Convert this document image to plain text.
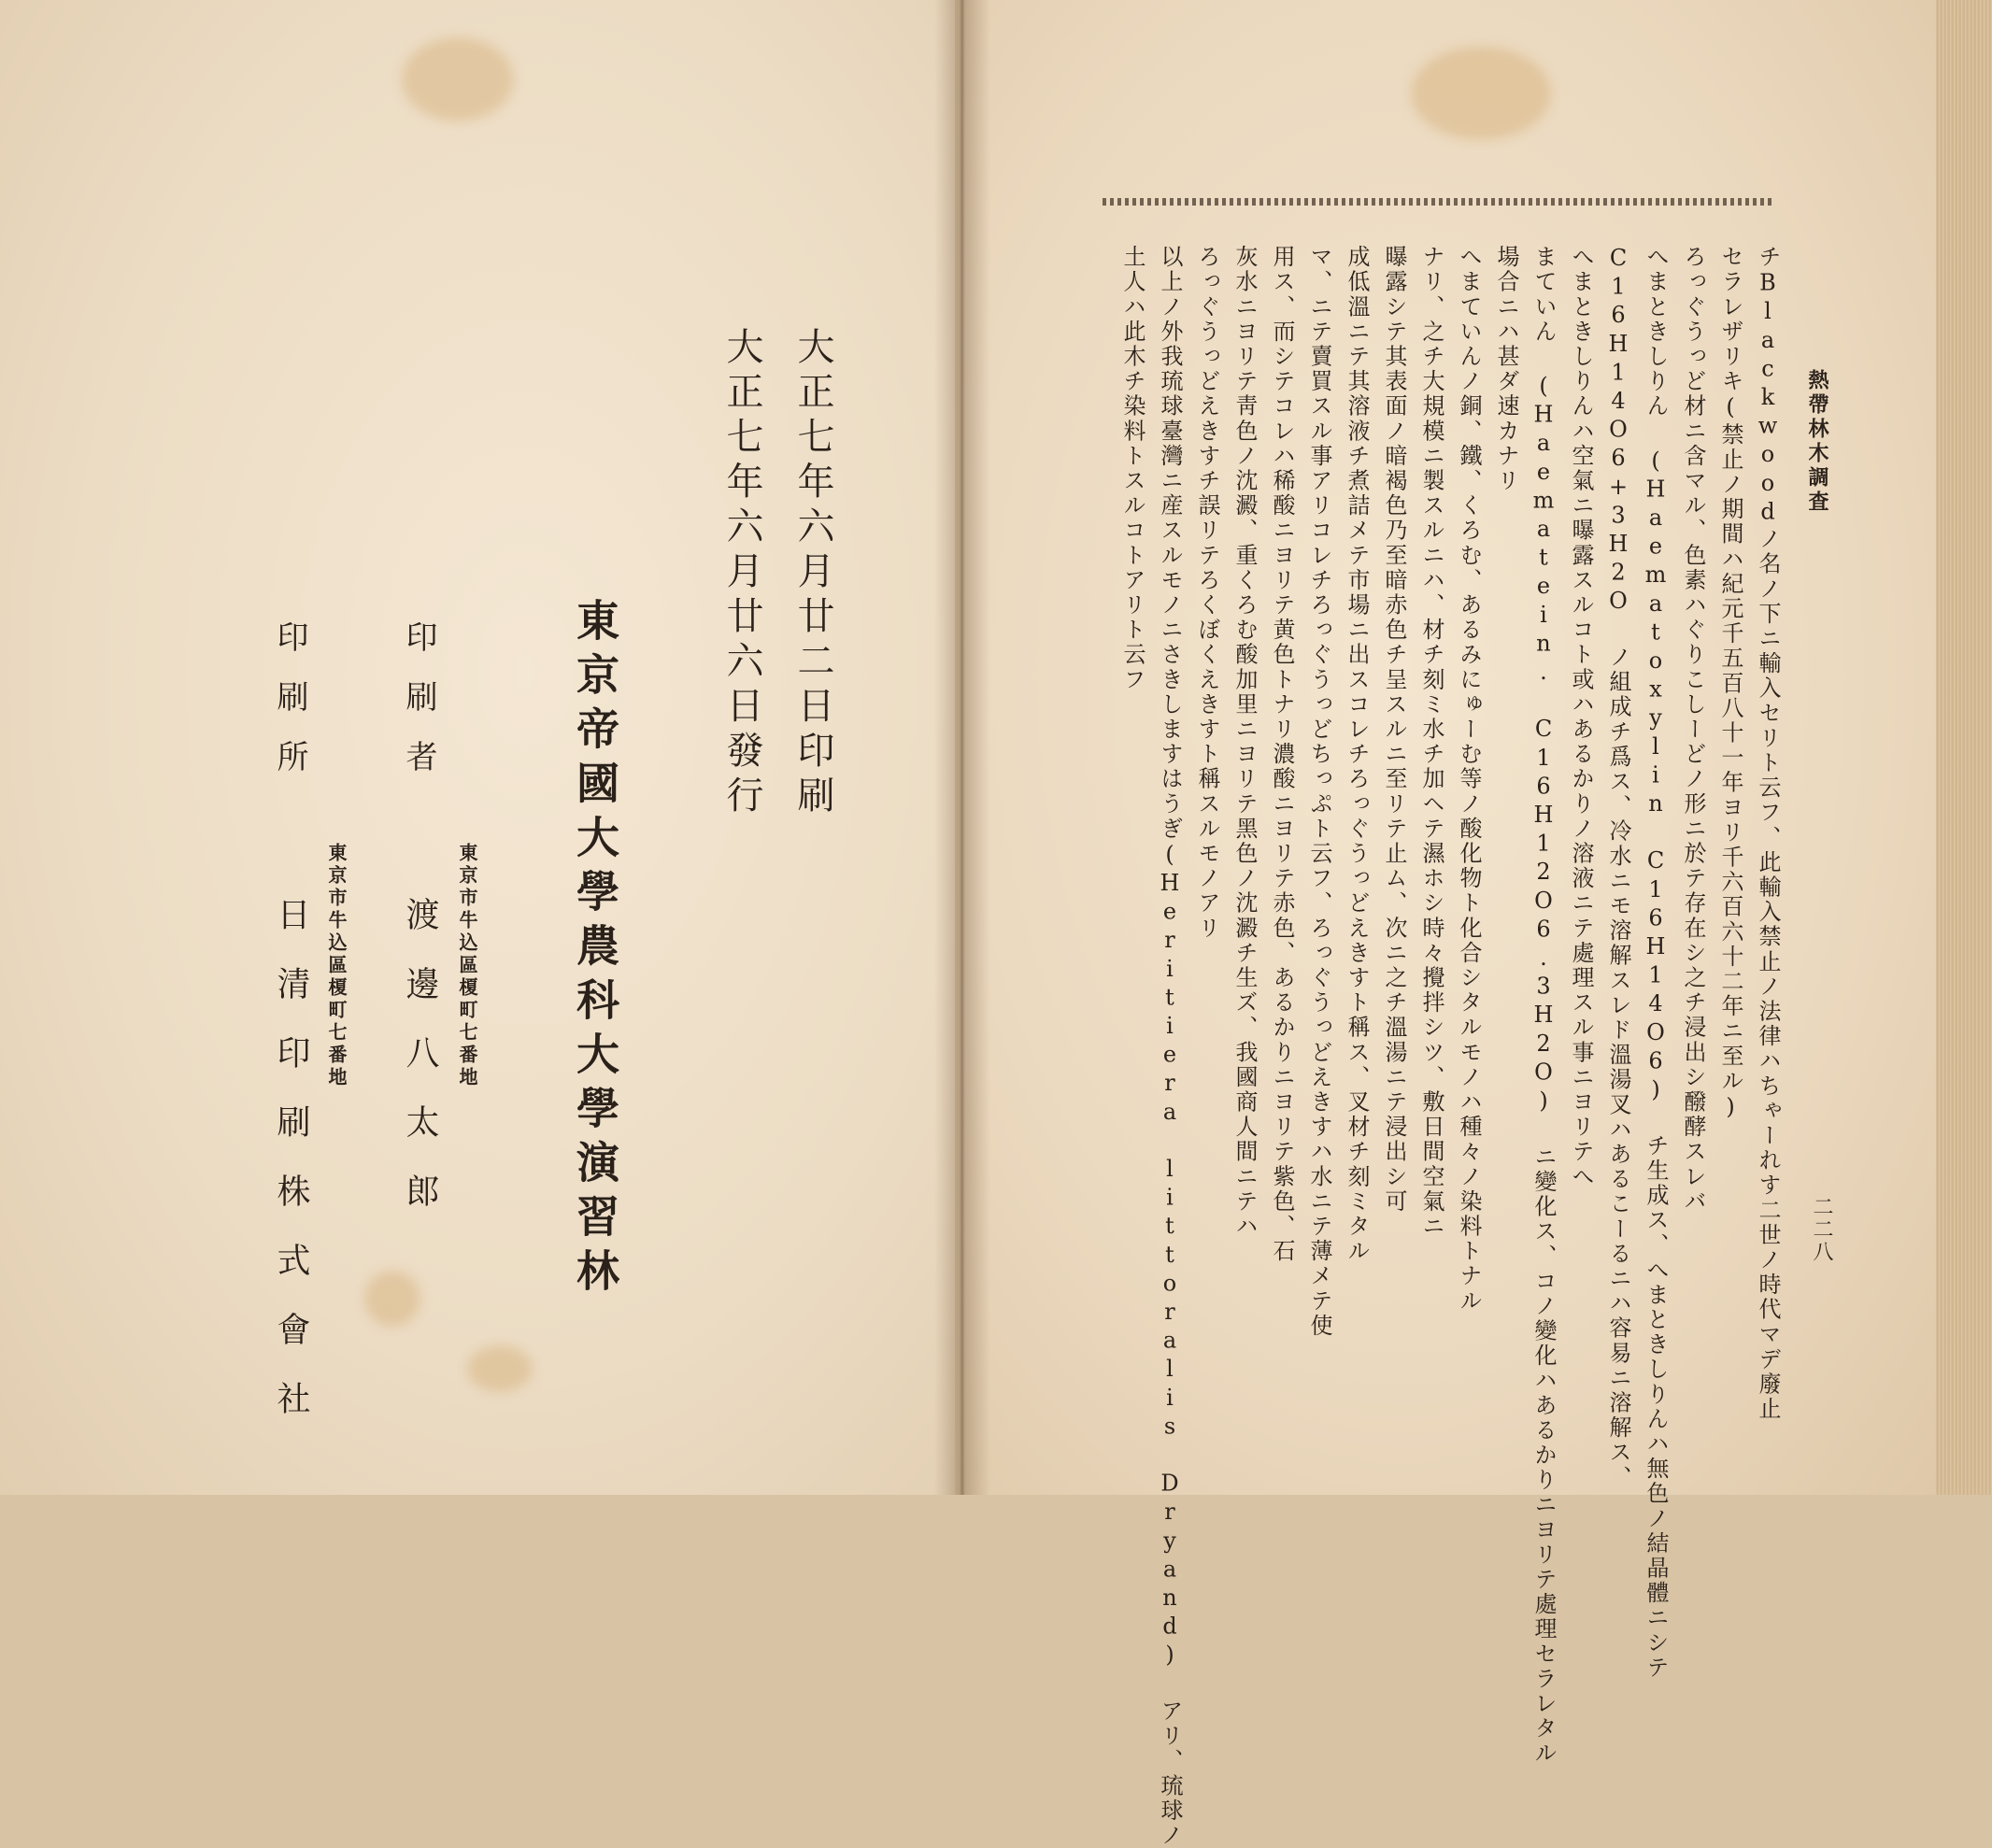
大正七年六月廿二日印刷

大正七年六月廿六日發行

東京帝國大學農科大學演習林

印刷者

東京市牛込區榎町七番地

渡邊八太郎

印刷所

東京市牛込區榎町七番地

日清印刷株式會社

熱帶林木調査

二二八

チBlackwoodノ名ノ下ニ輸入セリト云フ、此輸入禁止ノ法律ハちゃーれす二世ノ時代マデ廢止

セラレザリキ(禁止ノ期間ハ紀元千五百八十一年ヨリ千六百六十二年ニ至ル)

ろっぐうっど材ニ含マル、色素ハぐりこしーどノ形ニ於テ存在シ之チ浸出シ醱酵スレバ

へまときしりん (Haematoxylin C16H14O6) チ生成ス、へまときしりんハ無色ノ結晶體ニシテ

C16H14O6+3H2O ノ組成チ爲ス、冷水ニモ溶解スレド溫湯叉ハあるこーるニハ容易ニ溶解ス、

へまときしりんハ空氣ニ曝露スルコト或ハあるかりノ溶液ニテ處理スル事ニヨリテへ

まていん (Haematein. C16H12O6.3H2O) ニ變化ス、コノ變化ハあるかりニヨリテ處理セラレタル

場合ニハ甚ダ速カナリ

へまていんノ銅、鐵、くろむ、あるみにゅーむ等ノ酸化物ト化合シタルモノハ種々ノ染料トナル

ナリ、之チ大規模ニ製スルニハ、材チ刻ミ水チ加ヘテ濕ホシ時々攪拌シツ、敷日間空氣ニ

曝露シテ其表面ノ暗褐色乃至暗赤色チ呈スルニ至リテ止ム、次ニ之チ溫湯ニテ浸出シ可

成低溫ニテ其溶液チ煮詰メテ市場ニ出スコレチろっぐうっどえきすト稱ス、叉材チ刻ミタル

マ、ニテ賣買スル事アリコレチろっぐうっどちっぷト云フ、ろっぐうっどえきすハ水ニテ薄メテ使

用ス、而シテコレハ稀酸ニヨリテ黄色トナリ濃酸ニヨリテ赤色、あるかりニヨリテ紫色、石

灰水ニヨリテ靑色ノ沈澱、重くろむ酸加里ニヨリテ黑色ノ沈澱チ生ズ、我國商人間ニテハ

ろっぐうっどえきすチ誤リテろくぼくえきすト稱スルモノアリ

以上ノ外我琉球臺灣ニ産スルモノニさきしますはうぎ(Heritiera littoralis Dryand) アリ、琉球ノ

土人ハ此木チ染料トスルコトアリト云フ
